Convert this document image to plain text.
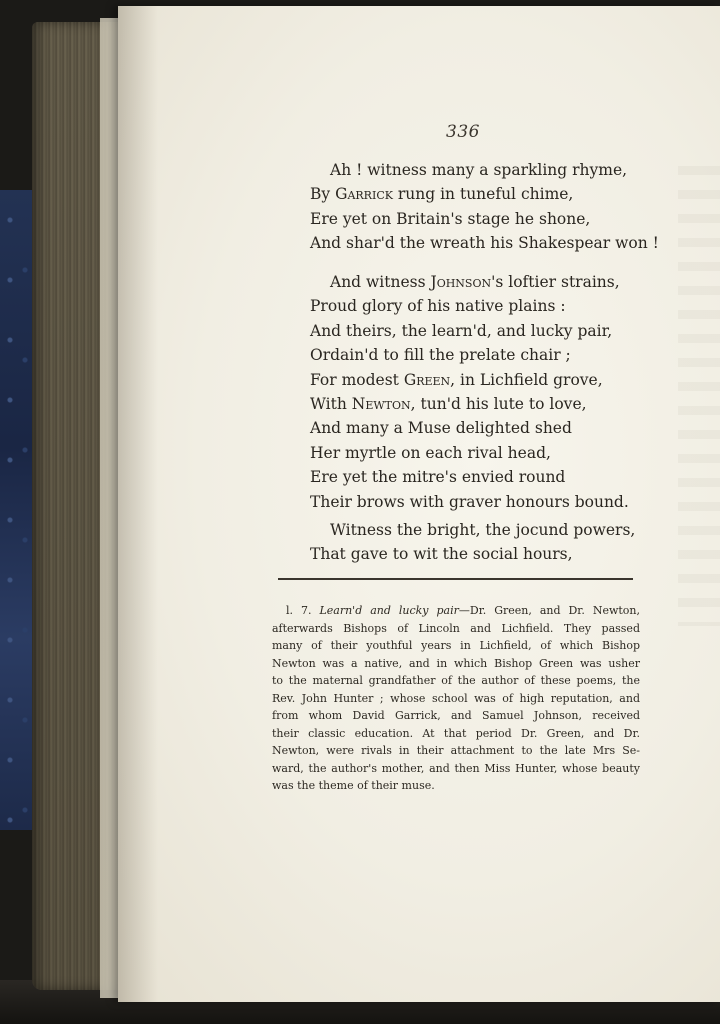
336
Ah ! witness many a sparkling rhyme,
By Garrick rung in tuneful chime,
Ere yet on Britain's stage he shone,
And shar'd the wreath his Shakespear won !
And witness Johnson's loftier strains,
Proud glory of his native plains :
And theirs, the learn'd, and lucky pair,
Ordain'd to fill the prelate chair ;
For modest Green, in Lichfield grove,
With Newton, tun'd his lute to love,
And many a Muse delighted shed
Her myrtle on each rival head,
Ere yet the mitre's envied round
Their brows with graver honours bound.
Witness the bright, the jocund powers,
That gave to wit the social hours,
l. 7. Learn'd and lucky pair—Dr. Green, and Dr. Newton,
afterwards Bishops of Lincoln and Lichfield. They passed
many of their youthful years in Lichfield, of which Bishop
Newton was a native, and in which Bishop Green was usher
to the maternal grandfather of the author of these poems, the
Rev. John Hunter ; whose school was of high reputation, and
from whom David Garrick, and Samuel Johnson, received
their classic education. At that period Dr. Green, and Dr.
Newton, were rivals in their attachment to the late Mrs Se-
ward, the author's mother, and then Miss Hunter, whose beauty
was the theme of their muse.
